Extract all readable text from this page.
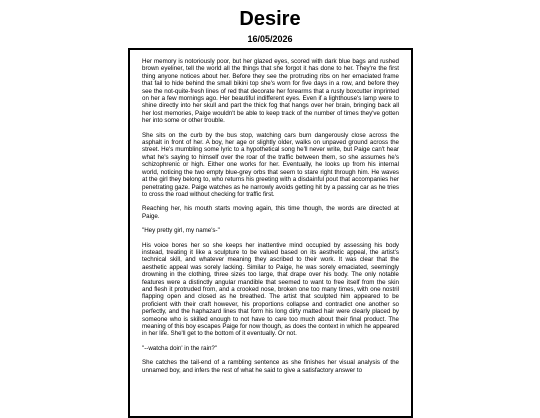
Desire
16/05/2026

Her memory is notoriously poor, but her glazed eyes, scored with dark blue bags and rushed brown eyeliner, tell the world all the things that she forgot it has done to her. They're the first thing anyone notices about her. Before they see the protruding ribs on her emaciated frame that fail to hide behind the small bikini top she's worn for five days in a row, and before they see the not-quite-fresh lines of red that decorate her forearms that a rusty boxcutter imprinted on her a few mornings ago. Her beautiful indifferent eyes. Even if a lighthouse's lamp were to shine directly into her skull and part the thick fog that hangs over her brain, bringing back all her lost memories, Paige wouldn't be able to keep track of the number of times they've gotten her into some or other trouble.

She sits on the curb by the bus stop, watching cars burn dangerously close across the asphalt in front of her. A boy, her age or slightly older, walks on unpaved ground across the street. He's mumbling some lyric to a hypothetical song he'll never write, but Paige can't hear what he's saying to himself over the roar of the traffic between them, so she assumes he's schizophrenic or high. Either one works for her. Eventually, he looks up from his internal world, noticing the two empty blue-grey orbs that seem to stare right through him. He waves at the girl they belong to, who returns his greeting with a disdainful pout that accompanies her penetrating gaze. Paige watches as he narrowly avoids getting hit by a passing car as he tries to cross the road without checking for traffic first.

Reaching her, his mouth starts moving again, this time though, the words are directed at Paige.

"Hey pretty girl, my name's-"

His voice bores her so she keeps her inattentive mind occupied by assessing his body instead, treating it like a sculpture to be valued based on its aesthetic appeal, the artist's technical skill, and whatever meaning they ascribed to their work. It was clear that the aesthetic appeal was sorely lacking. Similar to Paige, he was sorely emaciated, seemingly drowning in the clothing, three sizes too large, that drape over his body. The only notable features were a distinctly angular mandible that seemed to want to free itself from the skin and flesh it protruded from, and a crooked nose, broken one too many times, with one nostril flapping open and closed as he breathed. The artist that sculpted him appeared to be proficient with their craft however, his proportions collapse and contradict one another so perfectly, and the haphazard lines that form his long dirty matted hair were clearly placed by someone who is skilled enough to not have to care too much about their final product. The meaning of this boy escapes Paige for now though, as does the context in which he appeared in her life. She'll get to the bottom of it eventually. Or not.

"--watcha doin' in the rain?"

She catches the tail-end of a rambling sentence as she finishes her visual analysis of the unnamed boy, and infers the rest of what he said to give a satisfactory answer to
